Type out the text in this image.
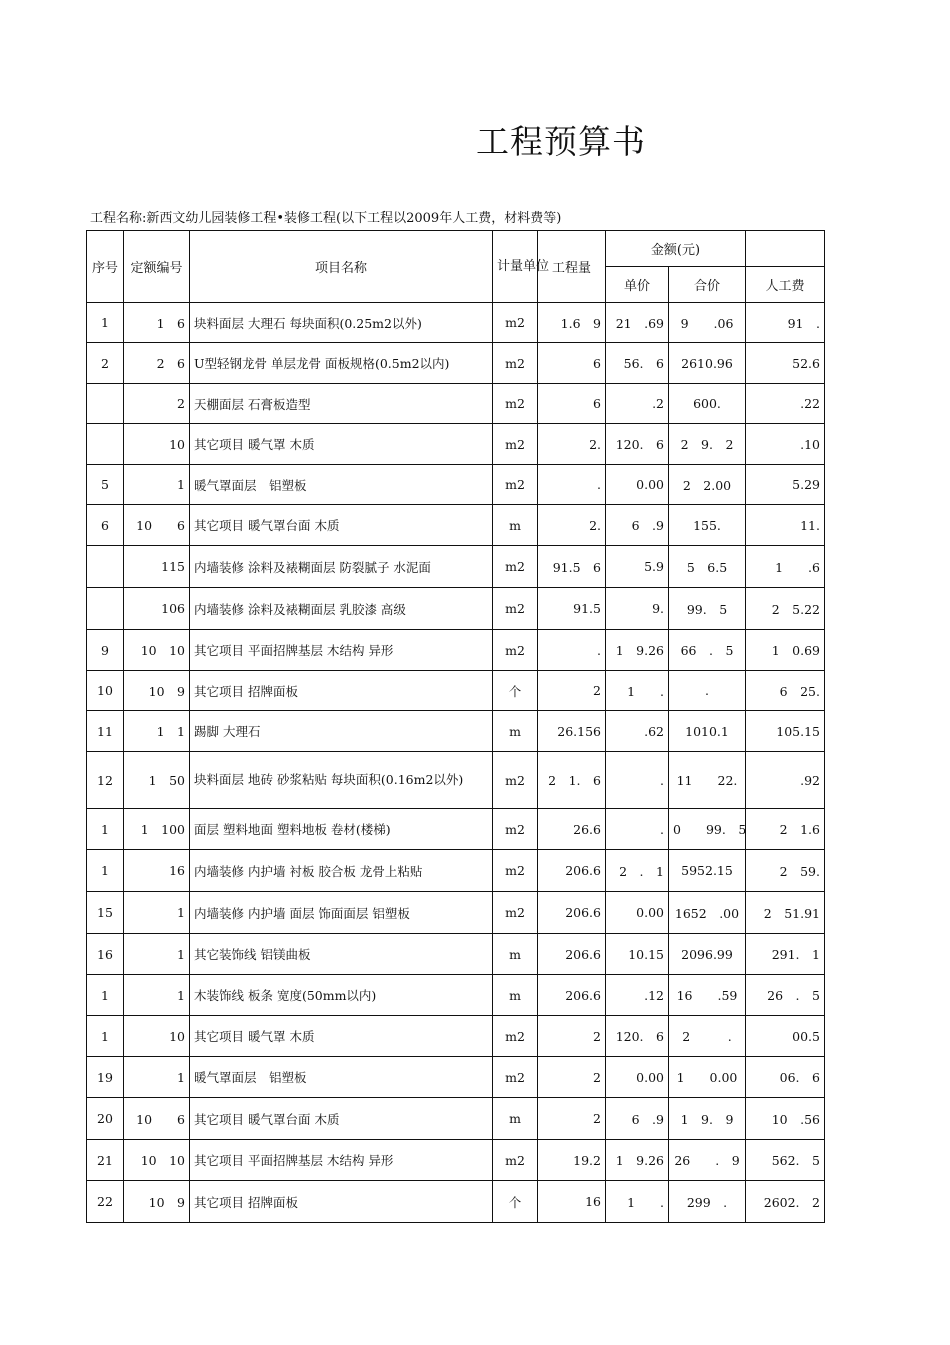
工程预算书
工程名称:新西文幼儿园装修工程•装修工程(以下工程以2009年人工费，材料费等)
序号	定额编号	项目名称	计量单位	工程量	金额(元)		
					单价	合价	人工费
1	1　6	块料面层 大理石 每块面积(0.25m2以外)	m2	1.6　9	21　.69	9　　.06	91　.
2	2　6	U型轻钢龙骨 单层龙骨 面板规格(0.5m2以内)	m2	6	56.　6	2610.96	52.6
	2	天棚面层 石膏板造型	m2	6	.2	600.	.22
	10	其它项目 暖气罩 木质	m2	2.	120.　6	2　9.　2	.10
5	1	暖气罩面层　铝塑板	m2	.	0.00	2　2.00	5.29
6	10　　6	其它项目 暖气罩台面 木质	m	2.	6　.9	155.	11.
	115	内墙装修 涂料及裱糊面层 防裂腻子 水泥面	m2	91.5　6	5.9	5　6.5	1　　.6
	106	内墙装修 涂料及裱糊面层 乳胶漆 高级	m2	91.5	9.	99.　5	2　5.22
9	10　10	其它项目 平面招牌基层 木结构 异形	m2	.	1　9.26	66　.　5	1　0.69
10	10　9	其它项目 招牌面板	个	2	1　　.	.	6　25.
11	1　1	踢脚 大理石	m	26.156	.62	1010.1	105.15
12	1　50	块料面层 地砖 砂浆粘贴 每块面积(0.16m2以外)	m2	2　1.　6	.	11　　22.	.92
1	1　100	面层 塑料地面 塑料地板 卷材(楼梯)	m2	26.6	.	0　　99.　5	2　1.6
1	16	内墙装修 内护墙 衬板 胶合板 龙骨上粘贴	m2	206.6	2　.　1	5952.15	2　59.
15	1	内墙装修 内护墙 面层 饰面面层 铝塑板	m2	206.6	0.00	1652　.00	2　51.91
16	1	其它装饰线 铝镁曲板	m	206.6	10.15	2096.99	291.　1
1	1	木装饰线 板条 宽度(50mm以内)	m	206.6	.12	16　　.59	26　.　5
1	10	其它项目 暖气罩 木质	m2	2	120.　6	2　　　.	00.5
19	1	暖气罩面层　铝塑板	m2	2	0.00	1　　0.00	06.　6
20	10　　6	其它项目 暖气罩台面 木质	m	2	6　.9	1　9.　9	10　.56
21	10　10	其它项目 平面招牌基层 木结构 异形	m2	19.2	1　9.26	26　　.　9	562.　5
22	10　9	其它项目 招牌面板	个	16	1　　.	299　.	2602.　2
